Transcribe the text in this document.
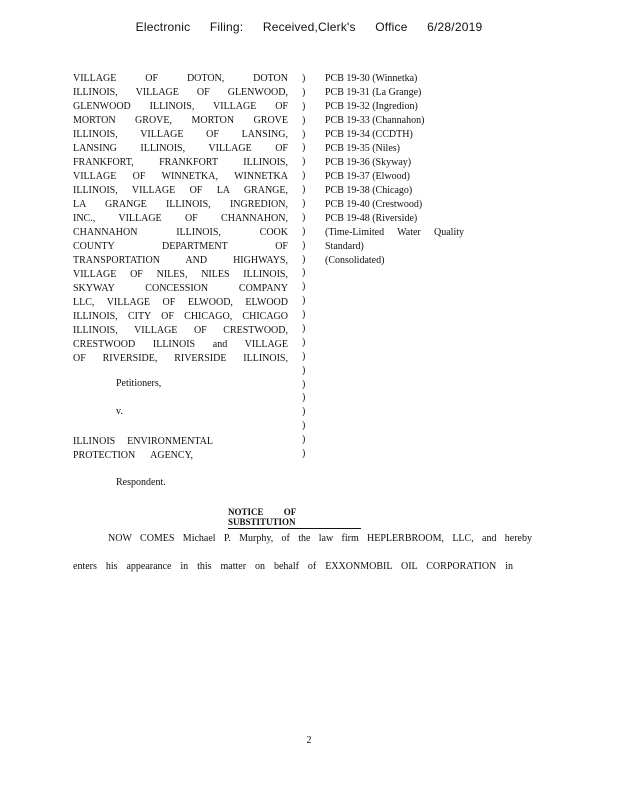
Electronic Filing: Received,Clerk's Office 6/28/2019
VILLAGE OF DOTON, DOTON
ILLINOIS, VILLAGE OF GLENWOOD,
GLENWOOD ILLINOIS, VILLAGE OF
MORTON GROVE, MORTON GROVE
ILLINOIS, VILLAGE OF LANSING,
LANSING ILLINOIS, VILLAGE OF
FRANKFORT, FRANKFORT ILLINOIS,
VILLAGE OF WINNETKA, WINNETKA
ILLINOIS, VILLAGE OF LA GRANGE,
LA GRANGE ILLINOIS, INGREDION,
INC., VILLAGE OF CHANNAHON,
CHANNAHON ILLINOIS, COOK
COUNTY DEPARTMENT OF
TRANSPORTATION AND HIGHWAYS,
VILLAGE OF NILES, NILES ILLINOIS,
SKYWAY CONCESSION COMPANY
LLC, VILLAGE OF ELWOOD, ELWOOD
ILLINOIS, CITY OF CHICAGO, CHICAGO
ILLINOIS, VILLAGE OF CRESTWOOD,
CRESTWOOD ILLINOIS and VILLAGE
OF RIVERSIDE, RIVERSIDE ILLINOIS,
Petitioners,
v.
ILLINOIS ENVIRONMENTAL
PROTECTION AGENCY,
Respondent.
)
)
)
)
)
)
)
)
)
)
)
)
)
)
)
)
)
)
)
)
)
)
)
)
)
)
)
)
PCB 19-30 (Winnetka)
PCB 19-31 (La Grange)
PCB 19-32 (Ingredion)
PCB 19-33 (Channahon)
PCB 19-34 (CCDTH)
PCB 19-35 (Niles)
PCB 19-36 (Skyway)
PCB 19-37 (Elwood)
PCB 19-38 (Chicago)
PCB 19-40 (Crestwood)
PCB 19-48 (Riverside)
(Time-Limited Water Quality
Standard)
(Consolidated)
NOTICE OF SUBSTITUTION
NOW COMES Michael P. Murphy, of the law firm HEPLERBROOM, LLC, and hereby
enters his appearance in this matter on behalf of EXXONMOBIL OIL CORPORATION in
2
